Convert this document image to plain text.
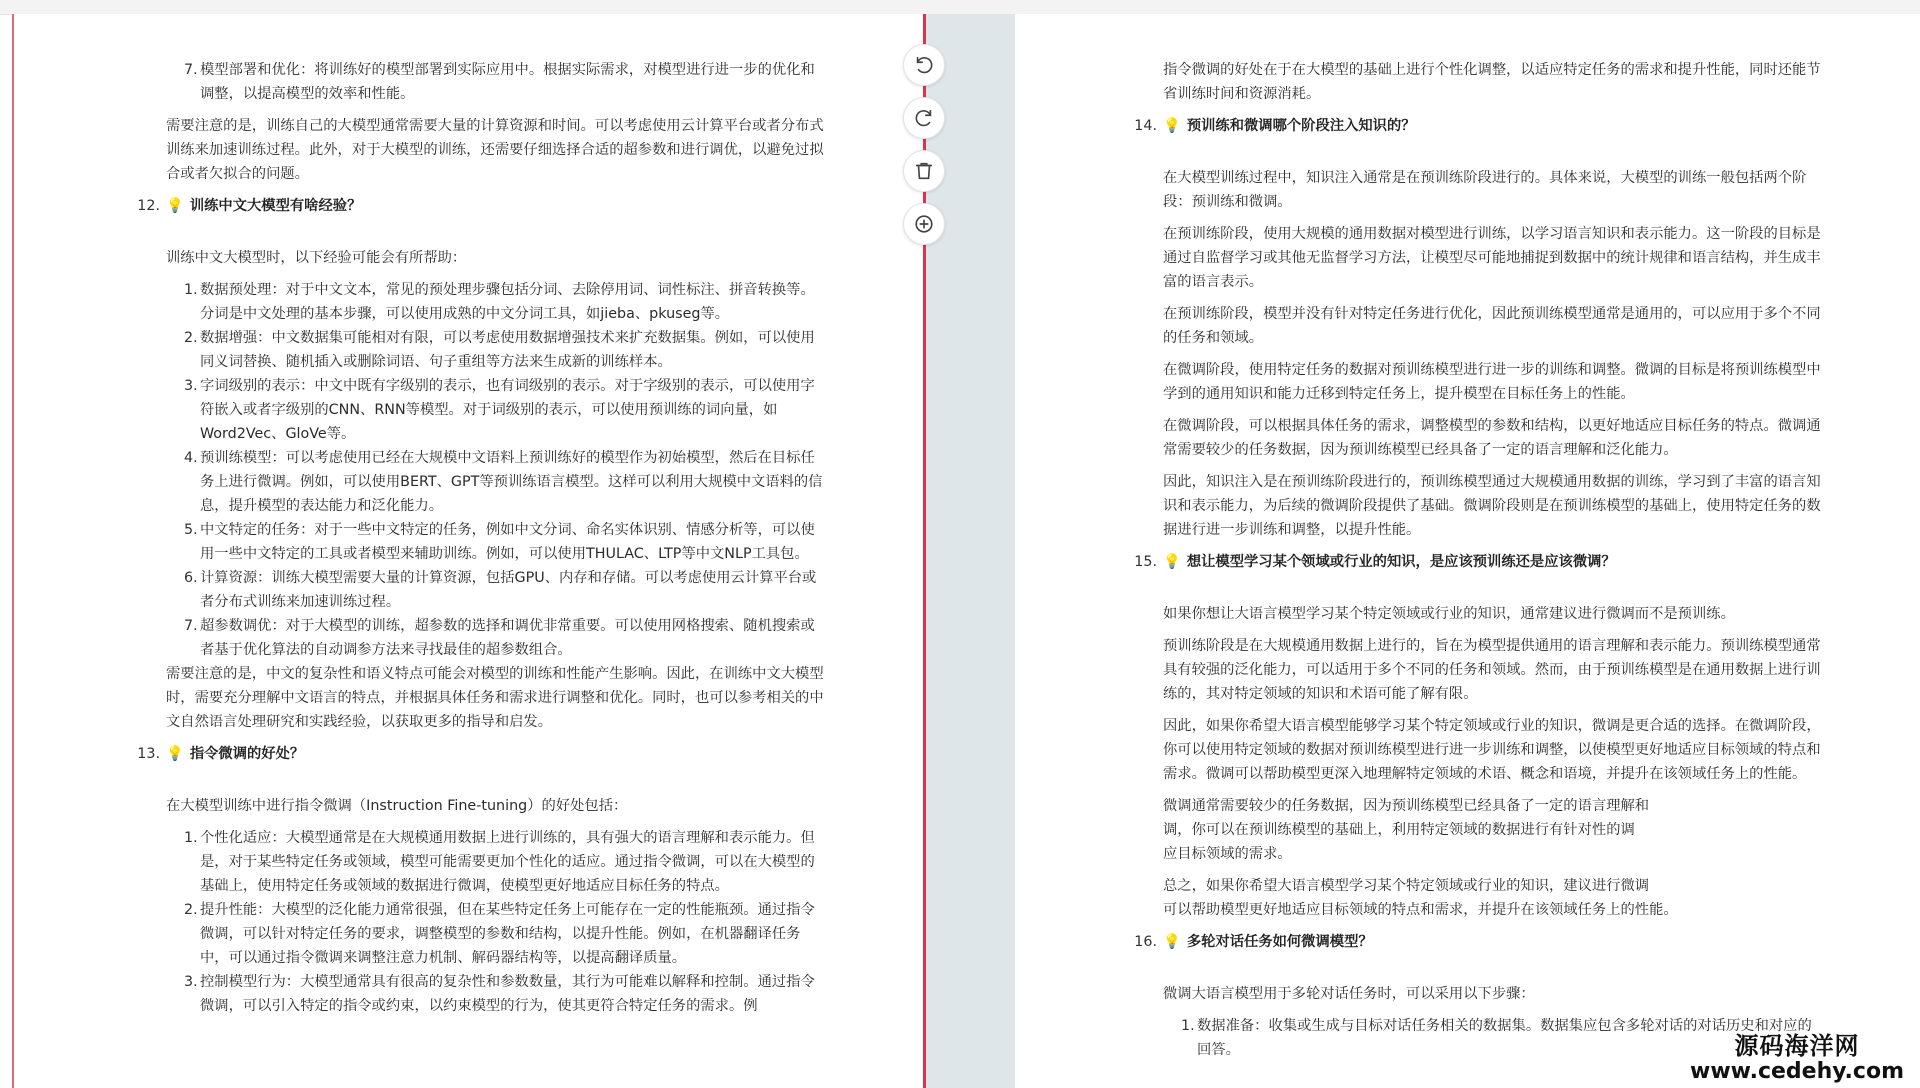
7. 模型部署和优化：将训练好的模型部署到实际应用中。根据实际需求，对模型进行进一步的优化和调整，以提高模型的效率和性能。

需要注意的是，训练自己的大模型通常需要大量的计算资源和时间。可以考虑使用云计算平台或者分布式训练来加速训练过程。此外，对于大模型的训练，还需要仔细选择合适的超参数和进行调优，以避免过拟合或者欠拟合的问题。

12. 💡 训练中文大模型有啥经验？

训练中文大模型时，以下经验可能会有所帮助：

1. 数据预处理：对于中文文本，常见的预处理步骤包括分词、去除停用词、词性标注、拼音转换等。分词是中文处理的基本步骤，可以使用成熟的中文分词工具，如jieba、pkuseg等。
2. 数据增强：中文数据集可能相对有限，可以考虑使用数据增强技术来扩充数据集。例如，可以使用同义词替换、随机插入或删除词语、句子重组等方法来生成新的训练样本。
3. 字词级别的表示：中文中既有字级别的表示，也有词级别的表示。对于字级别的表示，可以使用字符嵌入或者字级别的CNN、RNN等模型。对于词级别的表示，可以使用预训练的词向量，如Word2Vec、GloVe等。
4. 预训练模型：可以考虑使用已经在大规模中文语料上预训练好的模型作为初始模型，然后在目标任务上进行微调。例如，可以使用BERT、GPT等预训练语言模型。这样可以利用大规模中文语料的信息，提升模型的表达能力和泛化能力。
5. 中文特定的任务：对于一些中文特定的任务，例如中文分词、命名实体识别、情感分析等，可以使用一些中文特定的工具或者模型来辅助训练。例如，可以使用THULAC、LTP等中文NLP工具包。
6. 计算资源：训练大模型需要大量的计算资源，包括GPU、内存和存储。可以考虑使用云计算平台或者分布式训练来加速训练过程。
7. 超参数调优：对于大模型的训练，超参数的选择和调优非常重要。可以使用网格搜索、随机搜索或者基于优化算法的自动调参方法来寻找最佳的超参数组合。

需要注意的是，中文的复杂性和语义特点可能会对模型的训练和性能产生影响。因此，在训练中文大模型时，需要充分理解中文语言的特点，并根据具体任务和需求进行调整和优化。同时，也可以参考相关的中文自然语言处理研究和实践经验，以获取更多的指导和启发。

13. 💡 指令微调的好处？

在大模型训练中进行指令微调（Instruction Fine-tuning）的好处包括：

1. 个性化适应：大模型通常是在大规模通用数据上进行训练的，具有强大的语言理解和表示能力。但是，对于某些特定任务或领域，模型可能需要更加个性化的适应。通过指令微调，可以在大模型的基础上，使用特定任务或领域的数据进行微调，使模型更好地适应目标任务的特点。
2. 提升性能：大模型的泛化能力通常很强，但在某些特定任务上可能存在一定的性能瓶颈。通过指令微调，可以针对特定任务的要求，调整模型的参数和结构，以提升性能。例如，在机器翻译任务中，可以通过指令微调来调整注意力机制、解码器结构等，以提高翻译质量。
3. 控制模型行为：大模型通常具有很高的复杂性和参数数量，其行为可能难以解释和控制。通过指令微调，可以引入特定的指令或约束，以约束模型的行为，使其更符合特定任务的需求。例

指令微调的好处在于在大模型的基础上进行个性化调整，以适应特定任务的需求和提升性能，同时还能节省训练时间和资源消耗。

14. 💡 预训练和微调哪个阶段注入知识的？

在大模型训练过程中，知识注入通常是在预训练阶段进行的。具体来说，大模型的训练一般包括两个阶段：预训练和微调。

在预训练阶段，使用大规模的通用数据对模型进行训练，以学习语言知识和表示能力。这一阶段的目标是通过自监督学习或其他无监督学习方法，让模型尽可能地捕捉到数据中的统计规律和语言结构，并生成丰富的语言表示。

在预训练阶段，模型并没有针对特定任务进行优化，因此预训练模型通常是通用的，可以应用于多个不同的任务和领域。

在微调阶段，使用特定任务的数据对预训练模型进行进一步的训练和调整。微调的目标是将预训练模型中学到的通用知识和能力迁移到特定任务上，提升模型在目标任务上的性能。

在微调阶段，可以根据具体任务的需求，调整模型的参数和结构，以更好地适应目标任务的特点。微调通常需要较少的任务数据，因为预训练模型已经具备了一定的语言理解和泛化能力。

因此，知识注入是在预训练阶段进行的，预训练模型通过大规模通用数据的训练，学习到了丰富的语言知识和表示能力，为后续的微调阶段提供了基础。微调阶段则是在预训练模型的基础上，使用特定任务的数据进行进一步训练和调整，以提升性能。

15. 💡 想让模型学习某个领域或行业的知识，是应该预训练还是应该微调？

如果你想让大语言模型学习某个特定领域或行业的知识，通常建议进行微调而不是预训练。

预训练阶段是在大规模通用数据上进行的，旨在为模型提供通用的语言理解和表示能力。预训练模型通常具有较强的泛化能力，可以适用于多个不同的任务和领域。然而，由于预训练模型是在通用数据上进行训练的，其对特定领域的知识和术语可能了解有限。

因此，如果你希望大语言模型能够学习某个特定领域或行业的知识，微调是更合适的选择。在微调阶段，你可以使用特定领域的数据对预训练模型进行进一步训练和调整，以使模型更好地适应目标领域的特点和需求。微调可以帮助模型更深入地理解特定领域的术语、概念和语境，并提升在该领域任务上的性能。

微调通常需要较少的任务数据，因为预训练模型已经具备了一定的语言理解和
调，你可以在预训练模型的基础上，利用特定领域的数据进行有针对性的调
应目标领域的需求。
总之，如果你希望大语言模型学习某个特定领域或行业的知识，建议进行微调
可以帮助模型更好地适应目标领域的特点和需求，并提升在该领域任务上的性能。
16. 💡 多轮对话任务如何微调模型？

微调大语言模型用于多轮对话任务时，可以采用以下步骤：

1. 数据准备：收集或生成与目标对话任务相关的数据集。数据集应包含多轮对话的对话历史和对应的回答。	源码海洋网
www.cedehy.com
